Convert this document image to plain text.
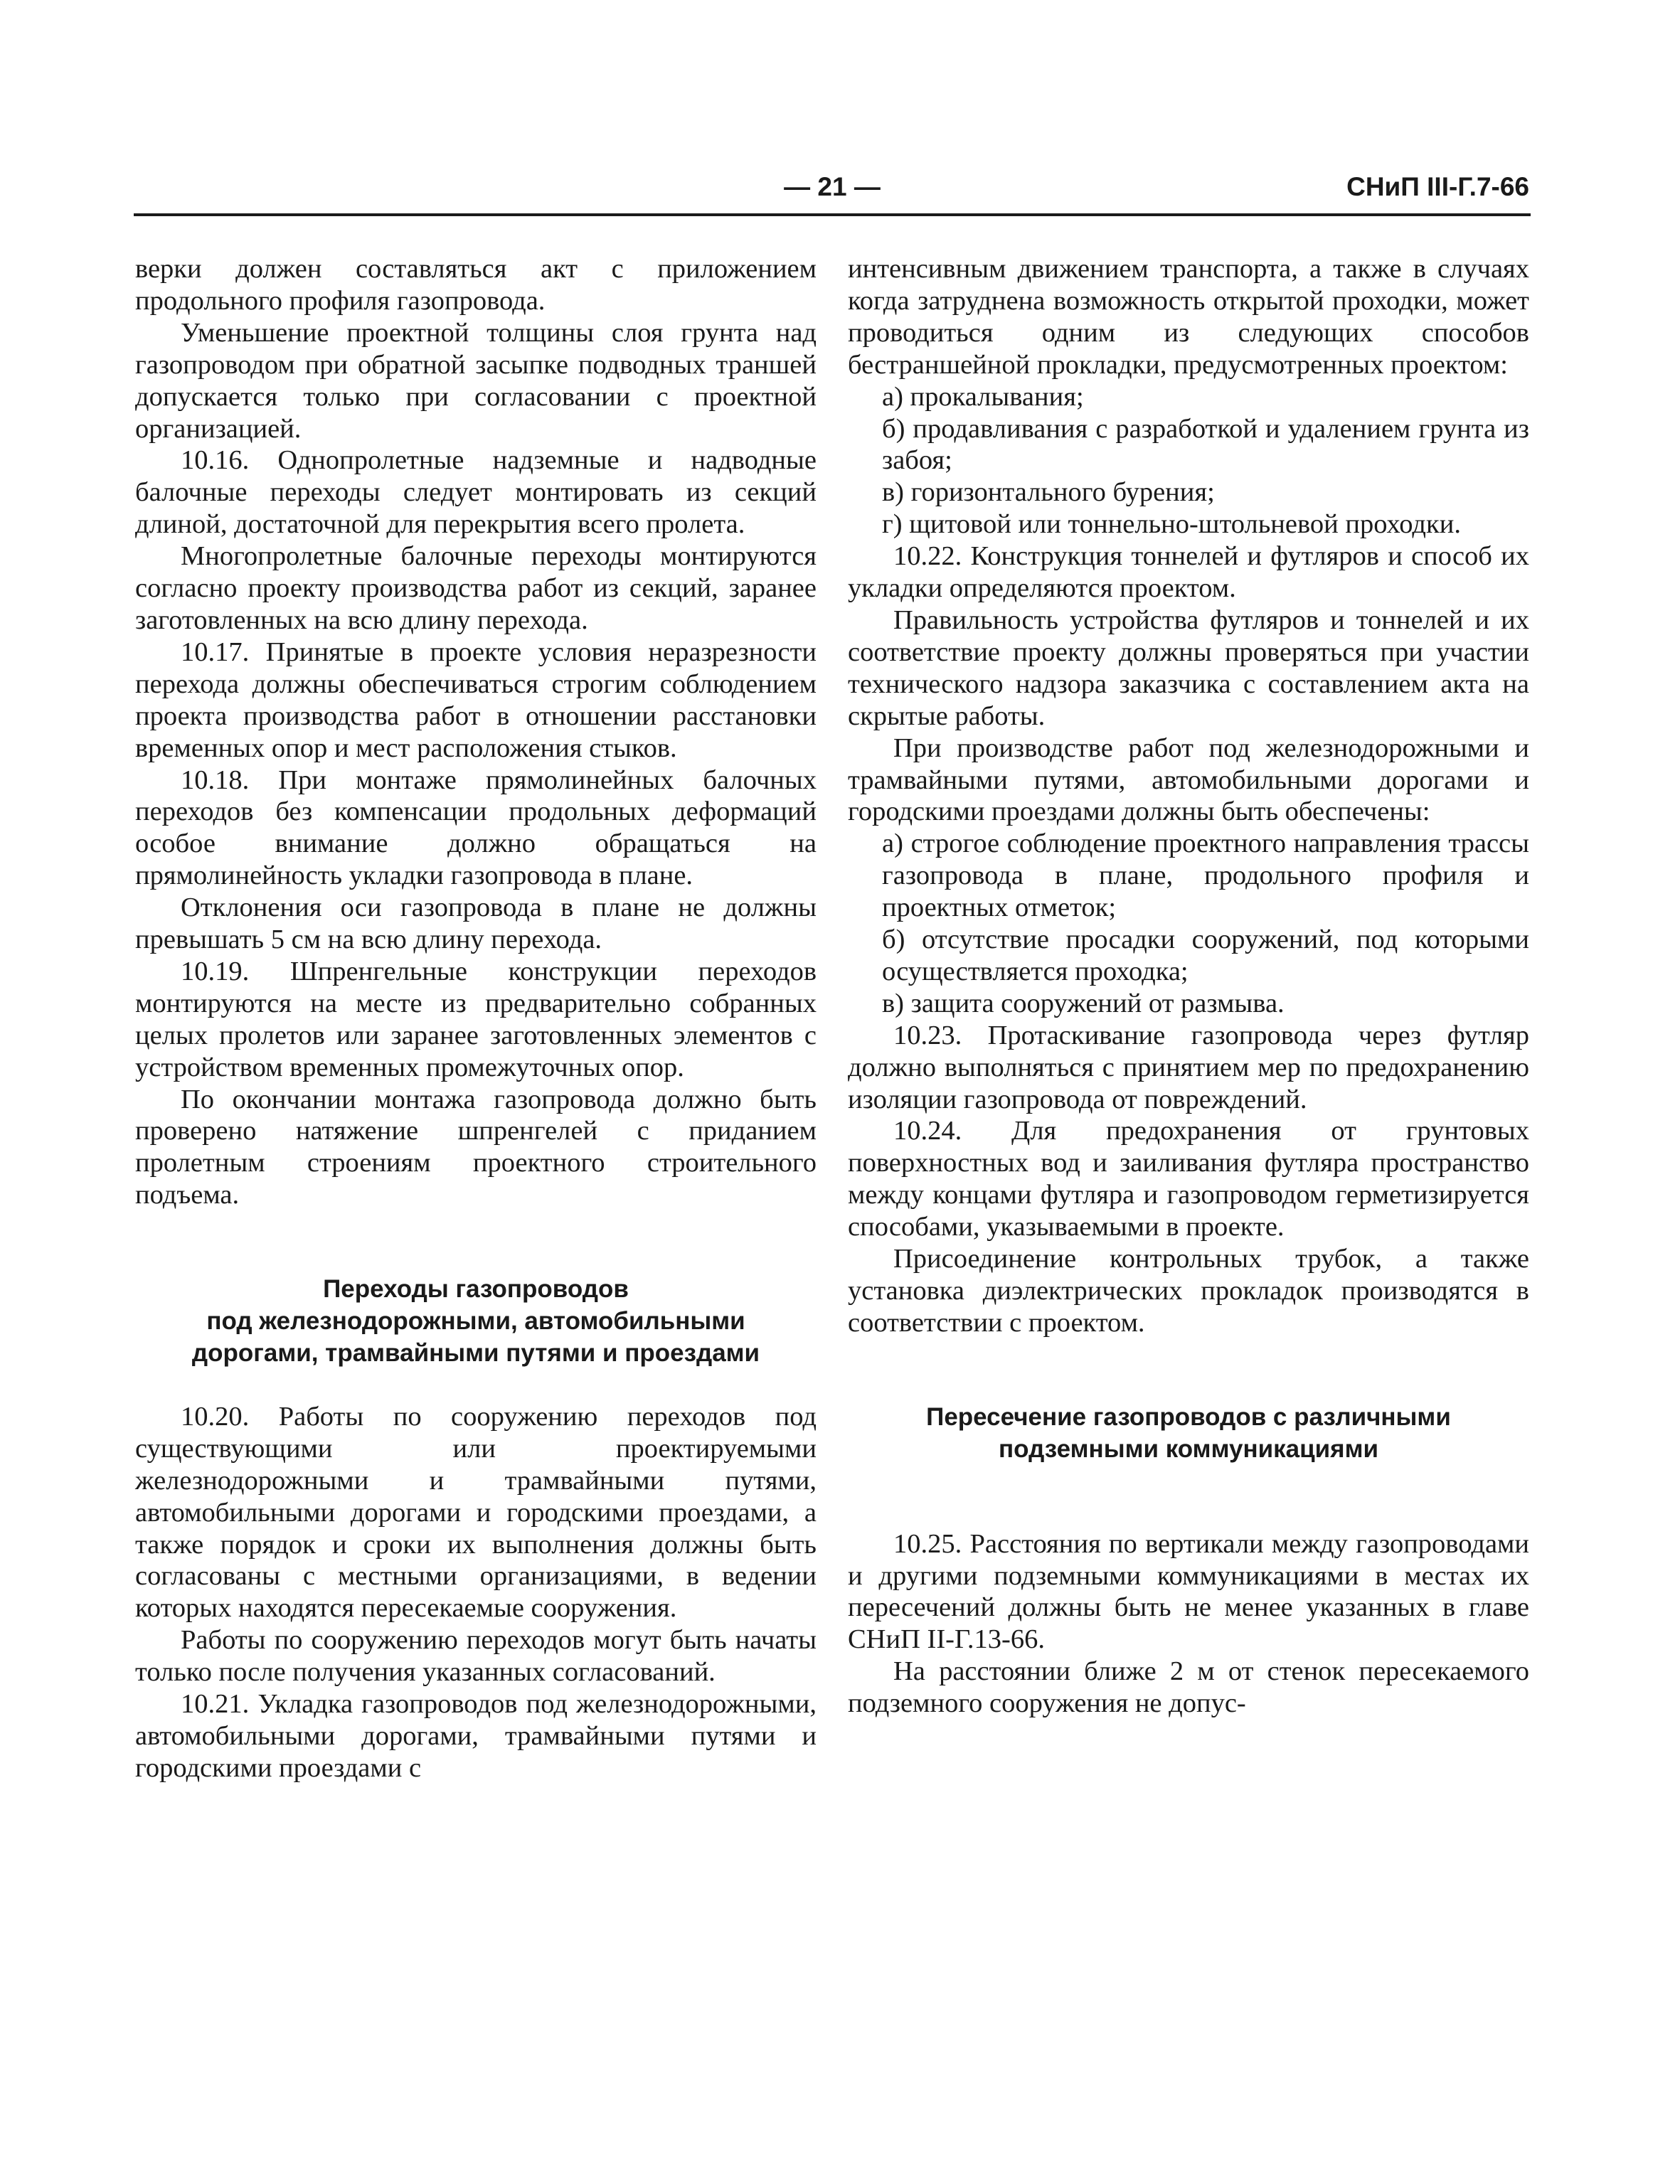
— 21 —	СНиП III-Г.7-66

верки должен составляться акт с приложением продольного профиля газопровода.

Уменьшение проектной толщины слоя грунта над газопроводом при обратной засыпке подводных траншей допускается только при согласовании с проектной организацией.

10.16. Однопролетные надземные и надводные балочные переходы следует монтировать из секций длиной, достаточной для перекрытия всего пролета.

Многопролетные балочные переходы монтируются согласно проекту производства работ из секций, заранее заготовленных на всю длину перехода.

10.17. Принятые в проекте условия неразрезности перехода должны обеспечиваться строгим соблюдением проекта производства работ в отношении расстановки временных опор и мест расположения стыков.

10.18. При монтаже прямолинейных балочных переходов без компенсации продольных деформаций особое внимание должно обращаться на прямолинейность укладки газопровода в плане.

Отклонения оси газопровода в плане не должны превышать 5 см на всю длину перехода.

10.19. Шпренгельные конструкции переходов монтируются на месте из предварительно собранных целых пролетов или заранее заготовленных элементов с устройством временных промежуточных опор.

По окончании монтажа газопровода должно быть проверено натяжение шпренгелей с приданием пролетным строениям проектного строительного подъема.

Переходы газопроводов
под железнодорожными, автомобильными
дорогами, трамвайными путями и проездами

10.20. Работы по сооружению переходов под существующими или проектируемыми железнодорожными и трамвайными путями, автомобильными дорогами и городскими проездами, а также порядок и сроки их выполнения должны быть согласованы с местными организациями, в ведении которых находятся пересекаемые сооружения.

Работы по сооружению переходов могут быть начаты только после получения указанных согласований.

10.21. Укладка газопроводов под железнодорожными, автомобильными дорогами, трамвайными путями и городскими проездами с

интенсивным движением транспорта, а также в случаях когда затруднена возможность открытой проходки, может проводиться одним из следующих способов бестраншейной прокладки, предусмотренных проектом:

а) прокалывания;

б) продавливания с разработкой и удалением грунта из забоя;

в) горизонтального бурения;

г) щитовой или тоннельно-штольневой проходки.

10.22. Конструкция тоннелей и футляров и способ их укладки определяются проектом.

Правильность устройства футляров и тоннелей и их соответствие проекту должны проверяться при участии технического надзора заказчика с составлением акта на скрытые работы.

При производстве работ под железнодорожными и трамвайными путями, автомобильными дорогами и городскими проездами должны быть обеспечены:

а) строгое соблюдение проектного направления трассы газопровода в плане, продольного профиля и проектных отметок;

б) отсутствие просадки сооружений, под которыми осуществляется проходка;

в) защита сооружений от размыва.

10.23. Протаскивание газопровода через футляр должно выполняться с принятием мер по предохранению изоляции газопровода от повреждений.

10.24. Для предохранения от грунтовых поверхностных вод и заиливания футляра пространство между концами футляра и газопроводом герметизируется способами, указываемыми в проекте.

Присоединение контрольных трубок, а также установка диэлектрических прокладок производятся в соответствии с проектом.

Пересечение газопроводов с различными
подземными коммуникациями

10.25. Расстояния по вертикали между газопроводами и другими подземными коммуникациями в местах их пересечений должны быть не менее указанных в главе СНиП II-Г.13-66.

На расстоянии ближе 2 м от стенок пересекаемого подземного сооружения не допус-
